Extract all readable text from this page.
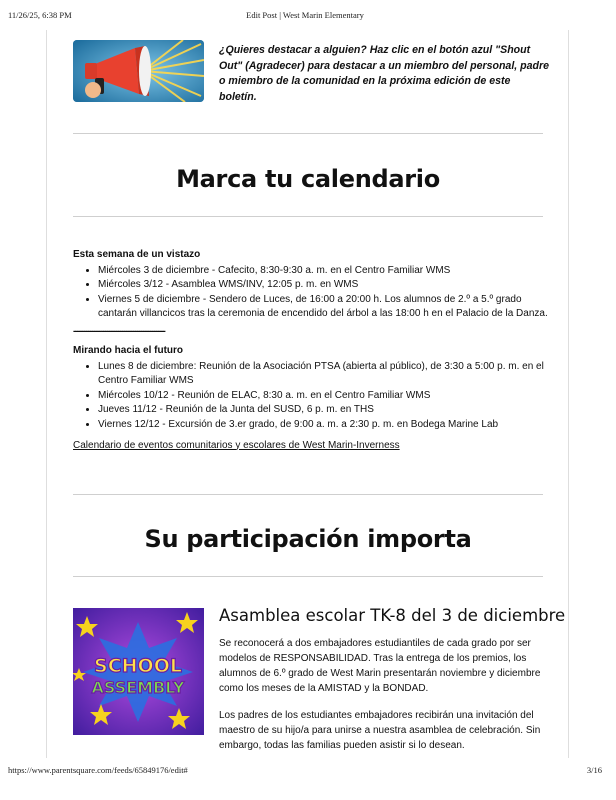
11/26/25, 6:38 PM	Edit Post | West Marin Elementary
¿Quieres destacar a alguien? Haz clic en el botón azul "Shout Out" (Agradecer) para destacar a un miembro del personal, padre o miembro de la comunidad en la próxima edición de este boletín.
Marca tu calendario
Esta semana de un vistazo
• Miércoles 3 de diciembre - Cafecito, 8:30-9:30 a. m. en el Centro Familiar WMS
• Miércoles 3/12 - Asamblea WMS/INV, 12:05 p. m. en WMS
• Viernes 5 de diciembre - Sendero de Luces, de 16:00 a 20:00 h. Los alumnos de 2.º a 5.º grado cantarán villancicos tras la ceremonia de encendido del árbol a las 18:00 h en el Palacio de la Danza.
-------------------------------------------
Mirando hacia el futuro
• Lunes 8 de diciembre: Reunión de la Asociación PTSA (abierta al público), de 3:30 a 5:00 p. m. en el Centro Familiar WMS
• Miércoles 10/12 - Reunión de ELAC, 8:30 a. m. en el Centro Familiar WMS
• Jueves 11/12 - Reunión de la Junta del SUSD, 6 p. m. en THS
• Viernes 12/12 - Excursión de 3.er grado, de 9:00 a. m. a 2:30 p. m. en Bodega Marine Lab
Calendario de eventos comunitarios y escolares de West Marin-Inverness
Su participación importa
SCHOOL
ASSEMBLY
Asamblea escolar TK-8 del 3 de diciembre

Se reconocerá a dos embajadores estudiantiles de cada grado por ser modelos de RESPONSABILIDAD. Tras la entrega de los premios, los alumnos de 6.º grado de West Marin presentarán noviembre y diciembre como los meses de la AMISTAD y la BONDAD.

Los padres de los estudiantes embajadores recibirán una invitación del maestro de su hijo/a para unirse a nuestra asamblea de celebración. Sin embargo, todas las familias pueden asistir si lo desean.

https://www.parentsquare.com/feeds/65849176/edit#	3/16
